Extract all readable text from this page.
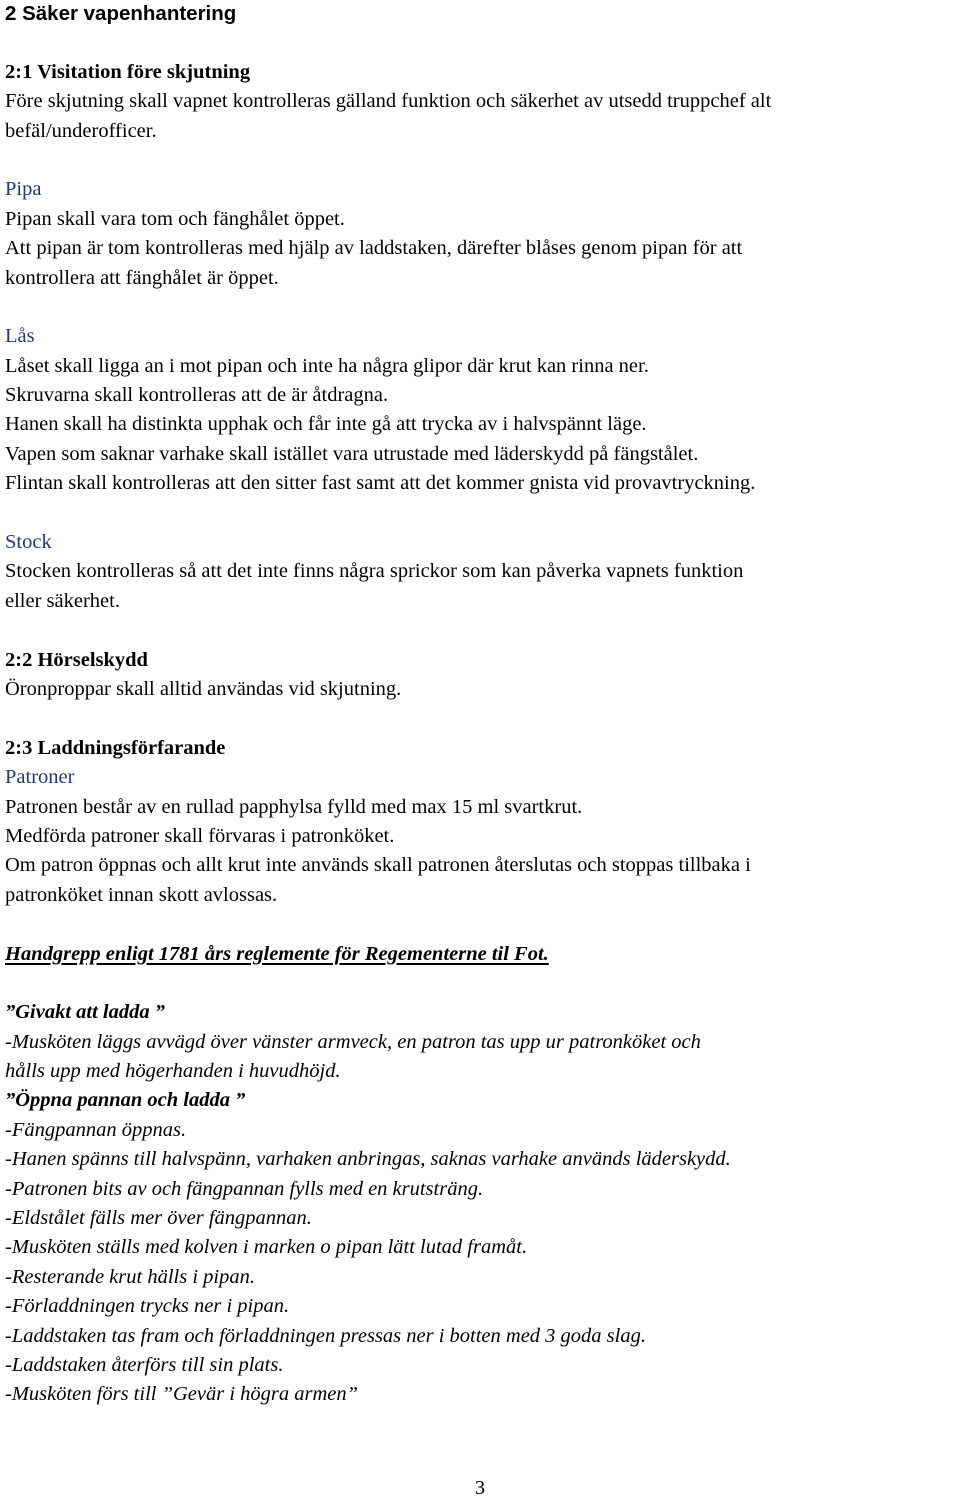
2 Säker vapenhantering
2:1 Visitation före skjutning
Före skjutning skall vapnet kontrolleras gälland funktion och säkerhet av utsedd truppchef alt
befäl/underofficer.
Pipa
Pipan skall vara tom och fänghålet öppet.
Att pipan är tom kontrolleras med hjälp av laddstaken, därefter blåses genom pipan för att
kontrollera att fänghålet är öppet.
Lås
Låset skall ligga an i mot pipan och inte ha några glipor där krut kan rinna ner.
Skruvarna skall kontrolleras att de är åtdragna.
Hanen skall ha distinkta upphak och får inte gå att trycka av i halvspännt läge.
Vapen som saknar varhake skall istället vara utrustade med läderskydd på fängstålet.
Flintan skall kontrolleras att den sitter fast samt att det kommer gnista vid provavtryckning.
Stock
Stocken kontrolleras så att det inte finns några sprickor som kan påverka vapnets funktion
eller säkerhet.
2:2 Hörselskydd
Öronproppar skall alltid användas vid skjutning.
2:3 Laddningsförfarande
Patroner
Patronen består av en rullad papphylsa fylld med max 15 ml svartkrut.
Medförda patroner skall förvaras i patronköket.
Om patron öppnas och allt krut inte används skall patronen återslutas och stoppas tillbaka i
patronköket innan skott avlossas.
Handgrepp enligt 1781 års reglemente för Regementerne til Fot.
”Givakt att ladda ”
-Musköten läggs avvägd över vänster armveck, en patron tas upp ur patronköket och
hålls upp med högerhanden i huvudhöjd.
”Öppna pannan och ladda ”
-Fängpannan öppnas.
-Hanen spänns till halvspänn, varhaken anbringas, saknas varhake används läderskydd.
-Patronen bits av och fängpannan fylls med en krutsträng.
-Eldstålet fälls mer över fängpannan.
-Musköten ställs med kolven i marken o pipan lätt lutad framåt.
-Resterande krut hälls i pipan.
-Förladdningen trycks ner i pipan.
-Laddstaken tas fram och förladdningen pressas ner i botten med 3 goda slag.
-Laddstaken återförs till sin plats.
-Musköten förs till ”Gevär i högra armen”
3
